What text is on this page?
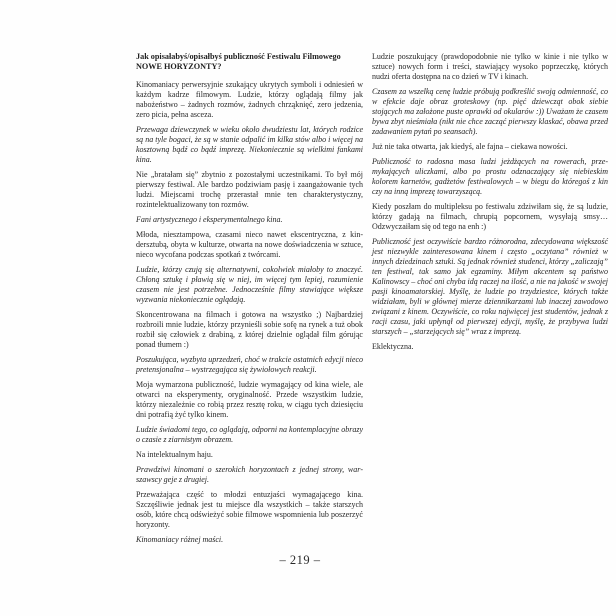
Jak opisałabyś/opisałbyś publiczność Festiwalu Filmowego NOWE HORYZONTY?

Kinomaniacy perwersyjnie szukający ukrytych symboli i odniesień w każdym kadrze filmowym. Ludzie, którzy oglądają filmy jak nabożeństwo – żadnych rozmów, żadnych chrząknięć, zero jedzenia, zero picia, pełna asceza.

Przewaga dziewczynek w wieku około dwudziestu lat, których rodzice są na tyle bogaci, że są w stanie odpalić im kilka stów albo i więcej na kosztowną bądź co bądź imprezę. Niekoniecznie są wielkimi fankami kina.

Nie „bratałam się” zbytnio z pozostałymi uczestnikami. To był mój pierwszy festiwal. Ale bardzo podziwiam pasję i zaangażowanie tych ludzi. Miejscami trochę przerastał mnie ten charakterystyczny, rozintelektualizowany ton rozmów.

Fani artystycznego i eksperymentalnego kina.

Młoda, niesztampowa, czasami nieco nawet ekscentryczna, z kindersztubą, obyta w kulturze, otwarta na nowe doświadczenia w sztuce, nieco wycofana podczas spotkań z twórcami.

Ludzie, którzy czują się alternatywni, cokolwiek miałoby to znaczyć. Chłoną sztukę i pławią się w niej, im więcej tym lepiej, rozumienie czasem nie jest potrzebne. Jednocześnie filmy stawiające większe wyzwania niekoniecznie oglądają.

Skoncentrowana na filmach i gotowa na wszystko ;) Najbardziej rozbroili mnie ludzie, którzy przynieśli sobie sofę na rynek a tuż obok rozbił się człowiek z drabiną, z której dzielnie oglądał film górując ponad tłumem :)

Poszukująca, wyzbyta uprzedzeń, choć w trakcie ostatnich edycji nieco pretensjonalna – wystrzegająca się żywiołowych reakcji.

Moja wymarzona publiczność, ludzie wymagający od kina wiele, ale otwarci na eksperymenty, oryginalność. Przede wszystkim ludzie, którzy niezależnie co robią przez resztę roku, w ciągu tych dziesięciu dni potrafią żyć tylko kinem.

Ludzie świadomi tego, co oglądają, odporni na kontemplacyjne obrazy o czasie z ziarnistym obrazem.

Na intelektualnym haju.

Prawdziwi kinomani o szerokich horyzontach z jednej strony, warszawscy geje z drugiej.

Przeważająca część to młodzi entuzjaści wymagającego kina. Szczęśliwie jednak jest tu miejsce dla wszystkich – także starszych osób, które chcą odświeżyć sobie filmowe wspomnienia lub poszerzyć horyzonty.

Kinomaniacy różnej maści.

Ludzie poszukujący (prawdopodobnie nie tylko w kinie i nie tylko w sztuce) nowych form i treści, stawiający wysoko poprzeczkę, których nudzi oferta dostępna na co dzień w TV i kinach.

Czasem za wszelką cenę ludzie próbują podkreślić swoją odmienność, co w efekcie daje obraz groteskowy (np. pięć dziewcząt obok siebie stojących ma założone puste oprawki od okularów :)) Uważam że czasem bywa zbyt nieśmiała (nikt nie chce zacząć pierwszy klaskać, obawa przed zadawaniem pytań po seansach).

Już nie taka otwarta, jak kiedyś, ale fajna – ciekawa nowości.

Publiczność to radosna masa ludzi jeżdżących na rowerach, przemykających uliczkami, albo po prostu odznaczający się niebieskim kolorem karnetów, gadżetów festiwalowych – w biegu do któregoś z kin czy na inną imprezę towarzyszącą.

Kiedy poszłam do multipleksu po festiwalu zdziwiłam się, że są ludzie, którzy gadają na filmach, chrupią popcornem, wysyłają smsy… Odzwyczaiłam się od tego na enh :)

Publiczność jest oczywiście bardzo różnorodna, zdecydowana większość jest niezwykle zainteresowana kinem i często „oczytana” również w innych dziedzinach sztuki. Są jednak również studenci, którzy „zaliczają” ten festiwal, tak samo jak egzaminy. Miłym akcentem są państwo Kalinowscy – choć oni chyba idą raczej na ilość, a nie na jakość w swojej pasji kinoamatorskiej. Myślę, że ludzie po trzydziestce, których także widziałam, byli w głównej mierze dziennikarzami lub inaczej zawodowo związani z kinem. Oczywiście, co roku najwięcej jest studentów, jednak z racji czasu, jaki upłynął od pierwszej edycji, myślę, że przybywa ludzi starszych – „starzejących się” wraz z imprezą.

Eklektyczna.

– 219 –
